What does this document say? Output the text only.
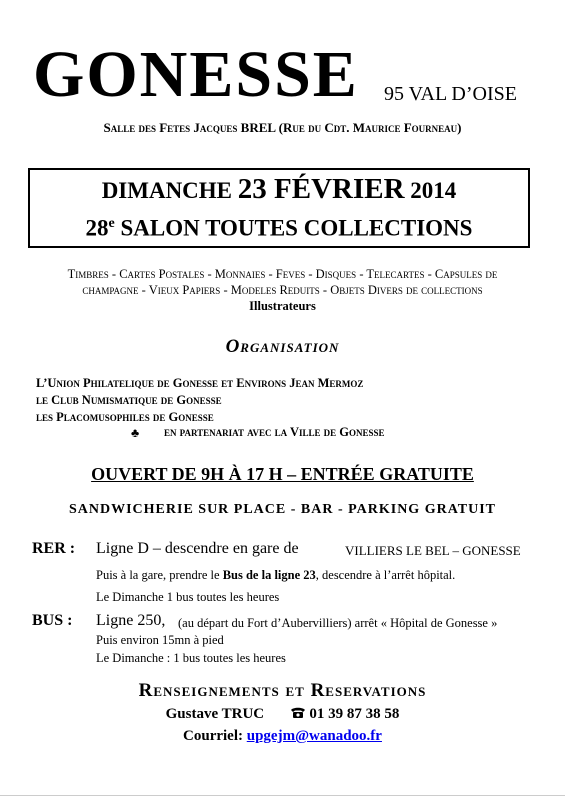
GONESSE 95 VAL D’OISE
Salle des Fetes Jacques BREL (Rue du Cdt. Maurice Fourneau)
DIMANCHE 23 FÉVRIER 2014
28e SALON TOUTES COLLECTIONS
Timbres - Cartes Postales - Monnaies - Feves - Disques - Telecartes - Capsules de
champagne - Vieux Papiers - Modeles Reduits - Objets Divers de collections
Illustrateurs
Organisation
L’Union Philatelique de Gonesse et Environs Jean Mermoz
le Club Numismatique de Gonesse
les Placomusophiles de Gonesse
♣ en partenariat avec la Ville de Gonesse
OUVERT DE 9H À 17 H – ENTRÉE GRATUITE
SANDWICHERIE SUR PLACE - BAR - PARKING GRATUIT
RER : Ligne D – descendre en gare de	VILLIERS LE BEL – GONESSE
Puis à la gare, prendre le Bus de la ligne 23, descendre à l’arrêt hôpital.
Le Dimanche 1 bus toutes les heures
BUS : Ligne 250, (au départ du Fort d’Aubervilliers) arrêt « Hôpital de Gonesse »
Puis environ 15mn à pied
Le Dimanche : 1 bus toutes les heures
Renseignements et Reservations
Gustave TRUC	01 39 87 38 58
Courriel: upgejm@wanadoo.fr
